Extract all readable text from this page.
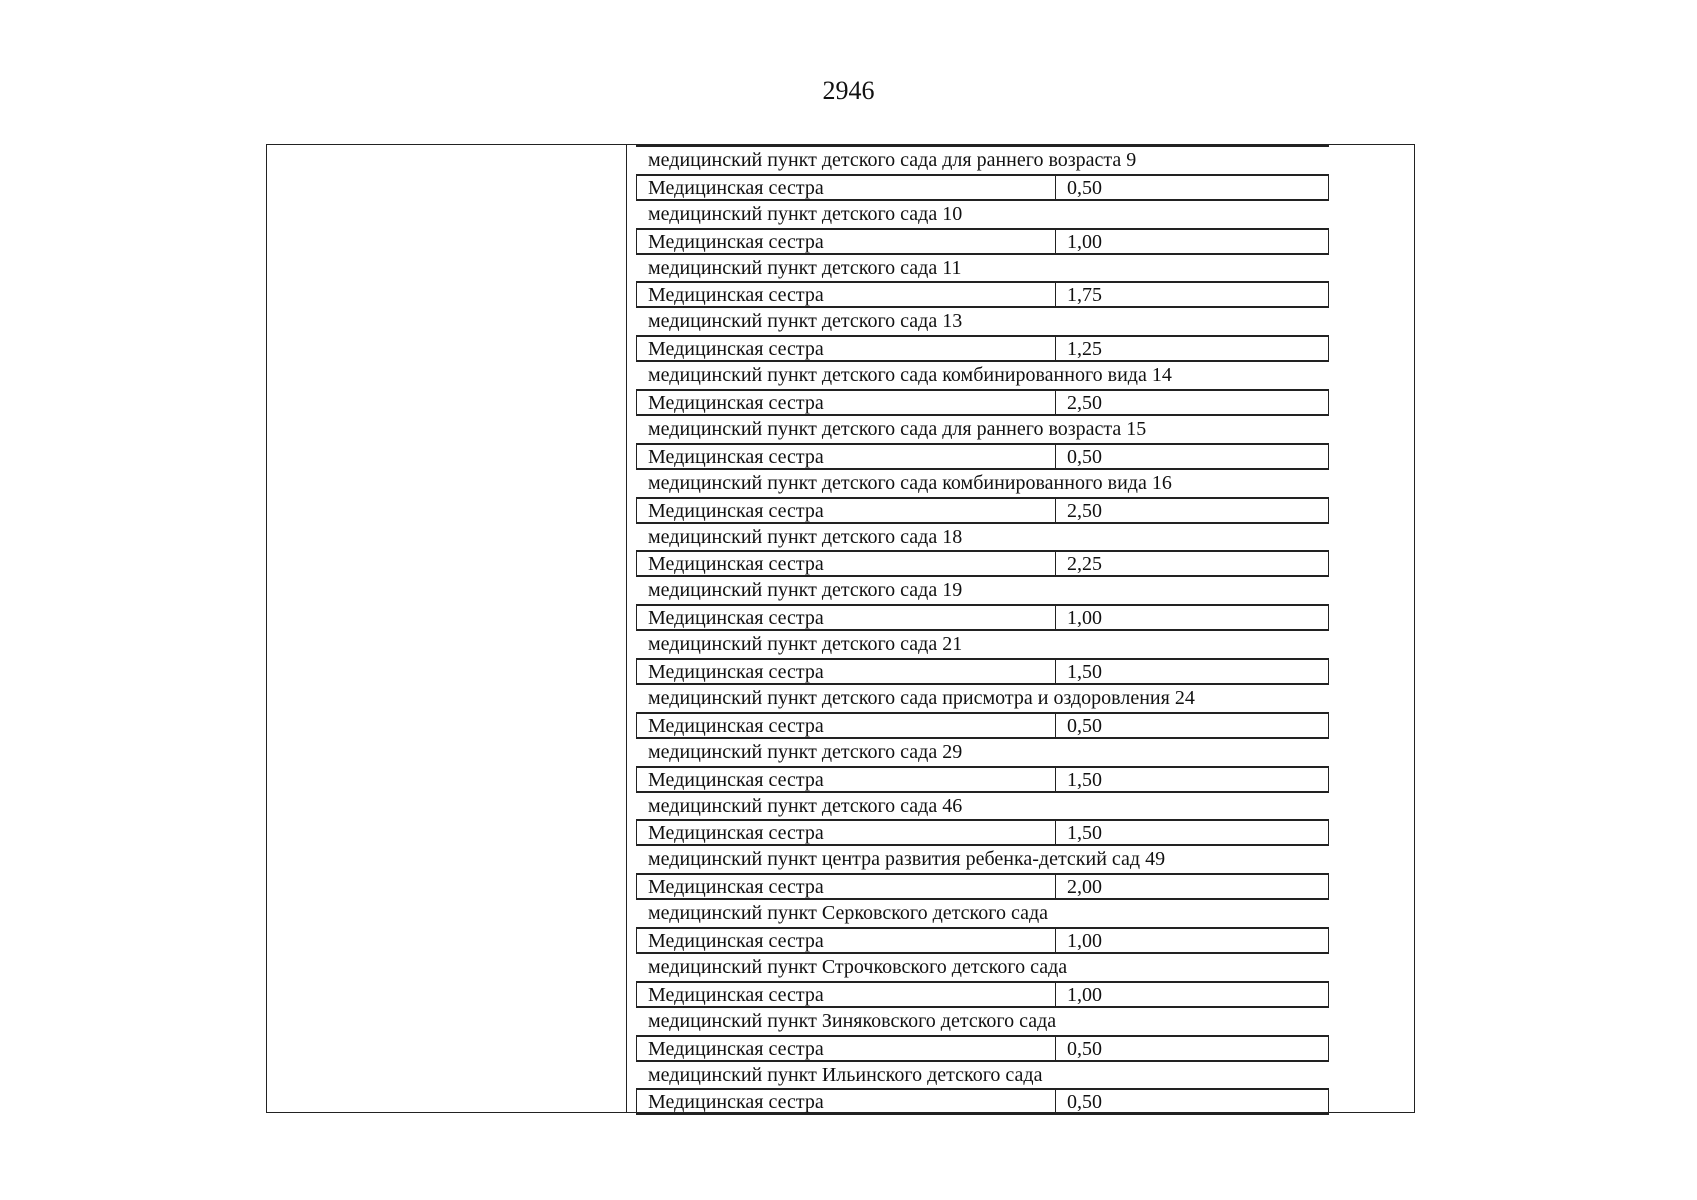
2946
медицинский пункт детского сада для раннего возраста 9
Медицинская сестра	0,50
медицинский пункт детского сада 10
Медицинская сестра	1,00
медицинский пункт детского сада 11
Медицинская сестра	1,75
медицинский пункт детского сада 13
Медицинская сестра	1,25
медицинский пункт детского сада комбинированного вида 14
Медицинская сестра	2,50
медицинский пункт детского сада для раннего возраста 15
Медицинская сестра	0,50
медицинский пункт детского сада комбинированного вида 16
Медицинская сестра	2,50
медицинский пункт детского сада 18
Медицинская сестра	2,25
медицинский пункт детского сада 19
Медицинская сестра	1,00
медицинский пункт детского сада 21
Медицинская сестра	1,50
медицинский пункт детского сада присмотра и оздоровления 24
Медицинская сестра	0,50
медицинский пункт детского сада 29
Медицинская сестра	1,50
медицинский пункт детского сада 46
Медицинская сестра	1,50
медицинский пункт центра развития ребенка-детский сад 49
Медицинская сестра	2,00
медицинский пункт Серковского детского сада
Медицинская сестра	1,00
медицинский пункт Строчковского детского сада
Медицинская сестра	1,00
медицинский пункт Зиняковского детского сада
Медицинская сестра	0,50
медицинский пункт Ильинского детского сада
Медицинская сестра	0,50
